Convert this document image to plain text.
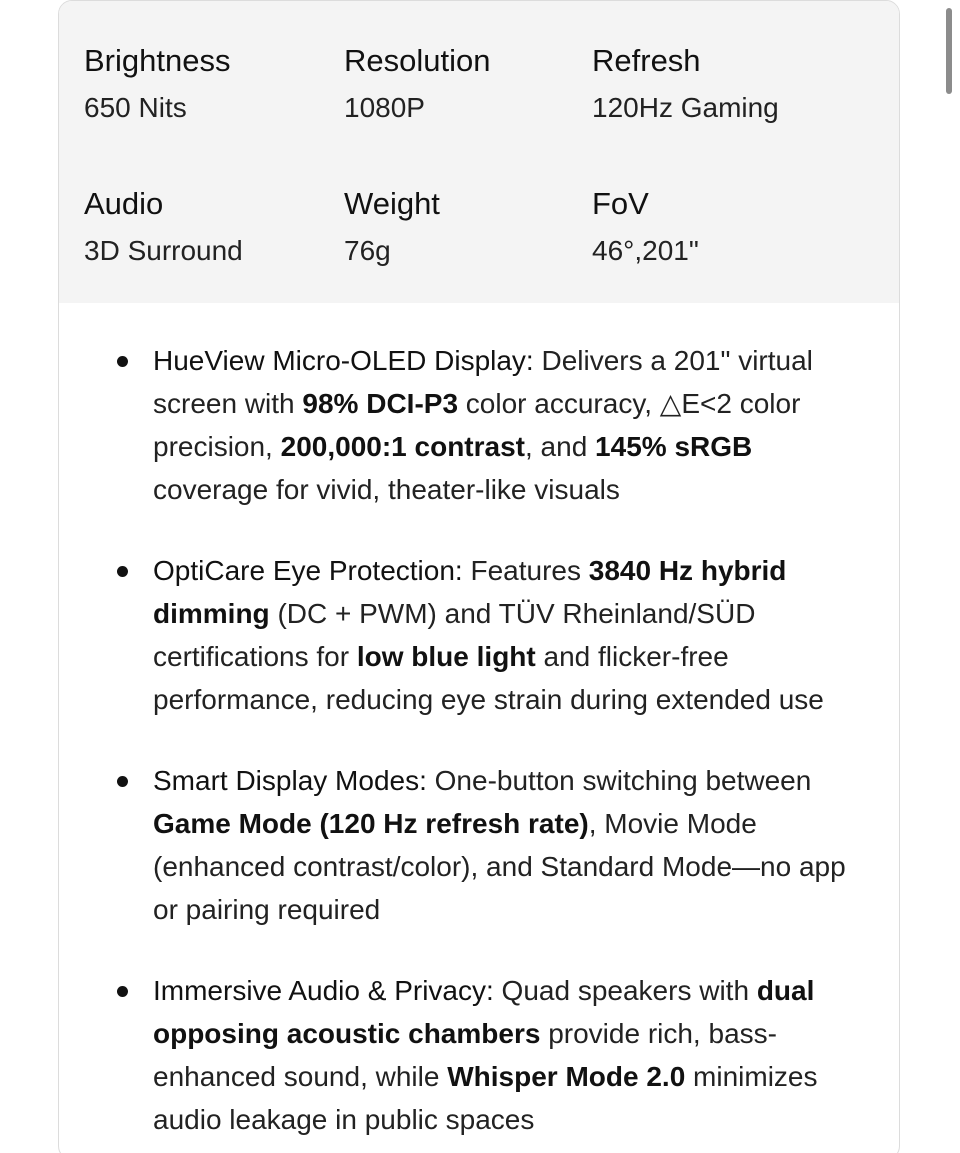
Brightness
650 Nits
Resolution
1080P
Refresh
120Hz Gaming
Audio
3D Surround
Weight
76g
FoV
46°,201"
HueView Micro-OLED Display: Delivers a 201" virtual screen with 98% DCI-P3 color accuracy, △E<2 color precision, 200,000:1 contrast, and 145% sRGB coverage for vivid, theater-like visuals
OptiCare Eye Protection: Features 3840 Hz hybrid dimming (DC + PWM) and TÜV Rheinland/SÜD certifications for low blue light and flicker-free performance, reducing eye strain during extended use
Smart Display Modes: One-button switching between Game Mode (120 Hz refresh rate), Movie Mode (enhanced contrast/color), and Standard Mode—no app or pairing required
Immersive Audio & Privacy: Quad speakers with dual opposing acoustic chambers provide rich, bass-enhanced sound, while Whisper Mode 2.0 minimizes audio leakage in public spaces
